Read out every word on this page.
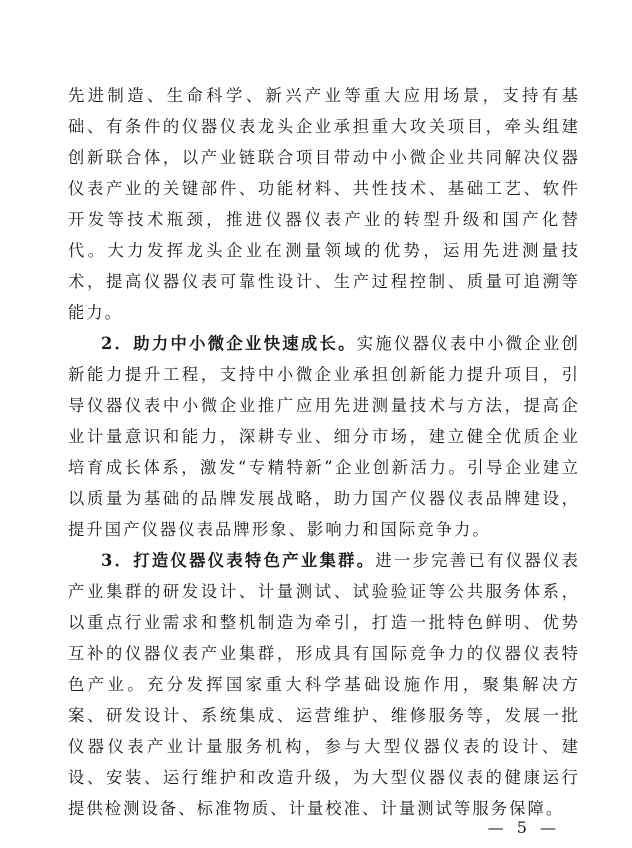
先进制造、生命科学、新兴产业等重大应用场景，支持有基础、有条件的仪器仪表龙头企业承担重大攻关项目，牵头组建创新联合体，以产业链联合项目带动中小微企业共同解决仪器仪表产业的关键部件、功能材料、共性技术、基础工艺、软件开发等技术瓶颈，推进仪器仪表产业的转型升级和国产化替代。大力发挥龙头企业在测量领域的优势，运用先进测量技术，提高仪器仪表可靠性设计、生产过程控制、质量可追溯等能力。

2．助力中小微企业快速成长。实施仪器仪表中小微企业创新能力提升工程，支持中小微企业承担创新能力提升项目，引导仪器仪表中小微企业推广应用先进测量技术与方法，提高企业计量意识和能力，深耕专业、细分市场，建立健全优质企业培育成长体系，激发“专精特新”企业创新活力。引导企业建立以质量为基础的品牌发展战略，助力国产仪器仪表品牌建设，提升国产仪器仪表品牌形象、影响力和国际竞争力。

3．打造仪器仪表特色产业集群。进一步完善已有仪器仪表产业集群的研发设计、计量测试、试验验证等公共服务体系，以重点行业需求和整机制造为牵引，打造一批特色鲜明、优势互补的仪器仪表产业集群，形成具有国际竞争力的仪器仪表特色产业。充分发挥国家重大科学基础设施作用，聚集解决方案、研发设计、系统集成、运营维护、维修服务等，发展一批仪器仪表产业计量服务机构，参与大型仪器仪表的设计、建设、安装、运行维护和改造升级，为大型仪器仪表的健康运行提供检测设备、标准物质、计量校准、计量测试等服务保障。

— 5 —
